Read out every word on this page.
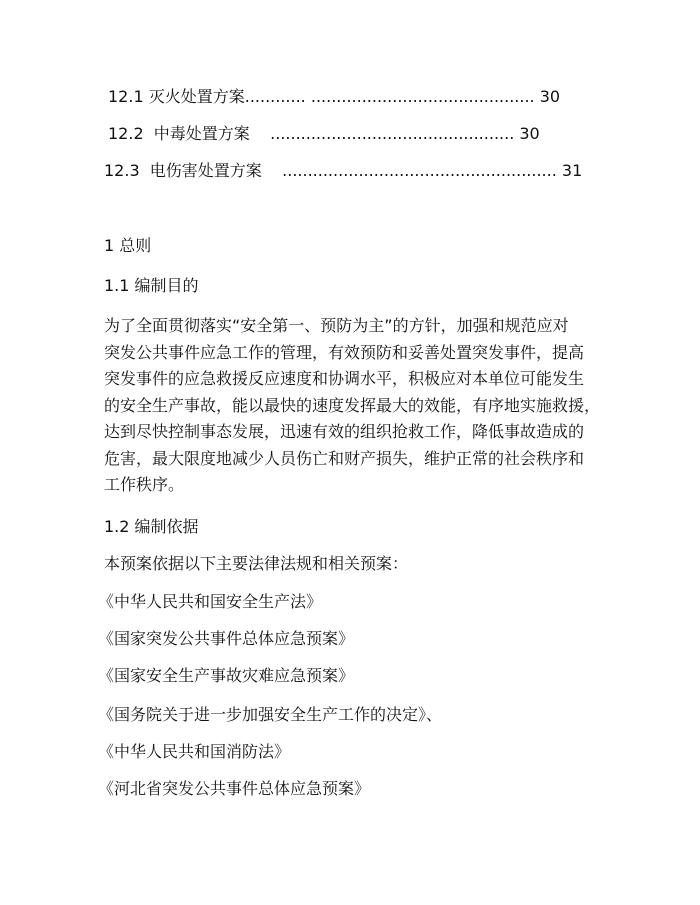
12.1 灭火处置方案............ ............................................ 30
12.2 中毒处置方案 ................................................ 30
12.3 电伤害处置方案 ...................................................... 31
1 总则
1.1 编制目的
为了全面贯彻落实“安全第一、预防为主”的方针，加强和规范应对
突发公共事件应急工作的管理，有效预防和妥善处置突发事件，提高
突发事件的应急救援反应速度和协调水平，积极应对本单位可能发生
的安全生产事故，能以最快的速度发挥最大的效能，有序地实施救援，
达到尽快控制事态发展，迅速有效的组织抢救工作，降低事故造成的
危害，最大限度地减少人员伤亡和财产损失，维护正常的社会秩序和
工作秩序。
1.2 编制依据
本预案依据以下主要法律法规和相关预案：
《中华人民共和国安全生产法》
《国家突发公共事件总体应急预案》
《国家安全生产事故灾难应急预案》
《国务院关于进一步加强安全生产工作的决定》、
《中华人民共和国消防法》
《河北省突发公共事件总体应急预案》
